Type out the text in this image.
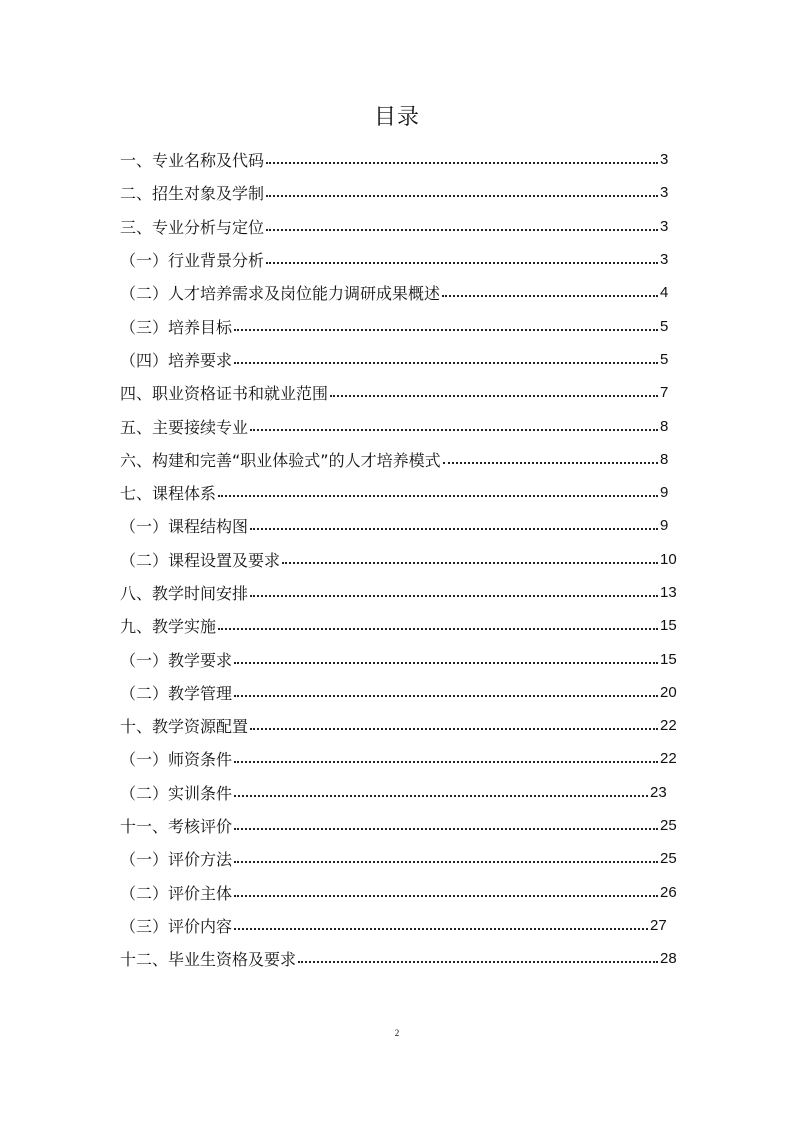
目录
一、专业名称及代码	3
二、招生对象及学制	3
三、专业分析与定位	3
（一）行业背景分析	3
（二）人才培养需求及岗位能力调研成果概述	4
（三）培养目标	5
（四）培养要求	5
四、职业资格证书和就业范围	7
五、主要接续专业	8
六、构建和完善“职业体验式”的人才培养模式	8
七、课程体系	9
（一）课程结构图	9
（二）课程设置及要求	10
八、教学时间安排	13
九、教学实施	15
（一）教学要求	15
（二）教学管理	20
十、教学资源配置	22
（一）师资条件	22
（二）实训条件	23
十一、考核评价	25
（一）评价方法	25
（二）评价主体	26
（三）评价内容	27
十二、毕业生资格及要求	28
2
